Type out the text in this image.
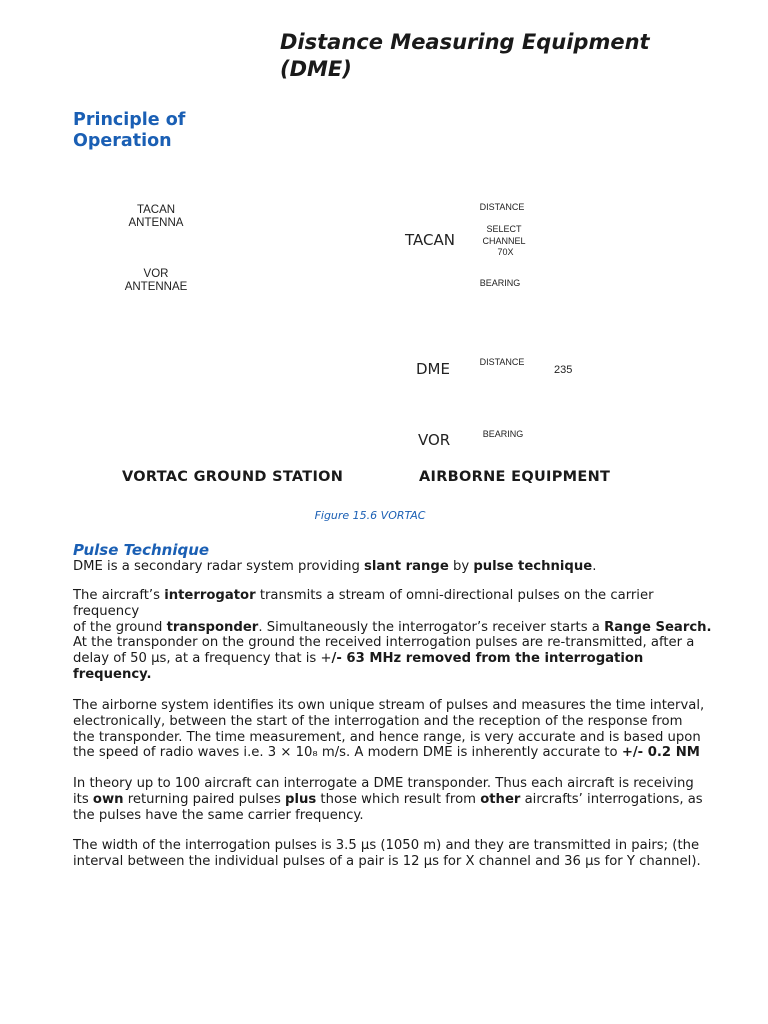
Distance Measuring Equipment (DME)
Principle of Operation
TACAN
ANTENNA
VOR
ANTENNAE
TACAN
DME
VOR
DISTANCE
SELECT
CHANNEL
70X
BEARING
DISTANCE
235
BEARING
VORTAC GROUND STATION	AIRBORNE EQUIPMENT
Figure 15.6 VORTAC
Pulse Technique
DME is a secondary radar system providing slant range by pulse technique.
The aircraft’s interrogator transmits a stream of omni-directional pulses on the carrier
frequency
of the ground transponder. Simultaneously the interrogator’s receiver starts a Range Search.
At the transponder on the ground the received interrogation pulses are re-transmitted, after a
delay of 50 µs, at a frequency that is +/- 63 MHz removed from the interrogation
frequency.
The airborne system identifies its own unique stream of pulses and measures the time interval,
electronically, between the start of the interrogation and the reception of the response from
the transponder. The time measurement, and hence range, is very accurate and is based upon
the speed of radio waves i.e. 3 × 10₈ m/s. A modern DME is inherently accurate to +/- 0.2 NM
In theory up to 100 aircraft can interrogate a DME transponder. Thus each aircraft is receiving
its own returning paired pulses plus those which result from other aircrafts’ interrogations, as
the pulses have the same carrier frequency.
The width of the interrogation pulses is 3.5 µs (1050 m) and they are transmitted in pairs; (the
interval between the individual pulses of a pair is 12 µs for X channel and 36 µs for Y channel).
